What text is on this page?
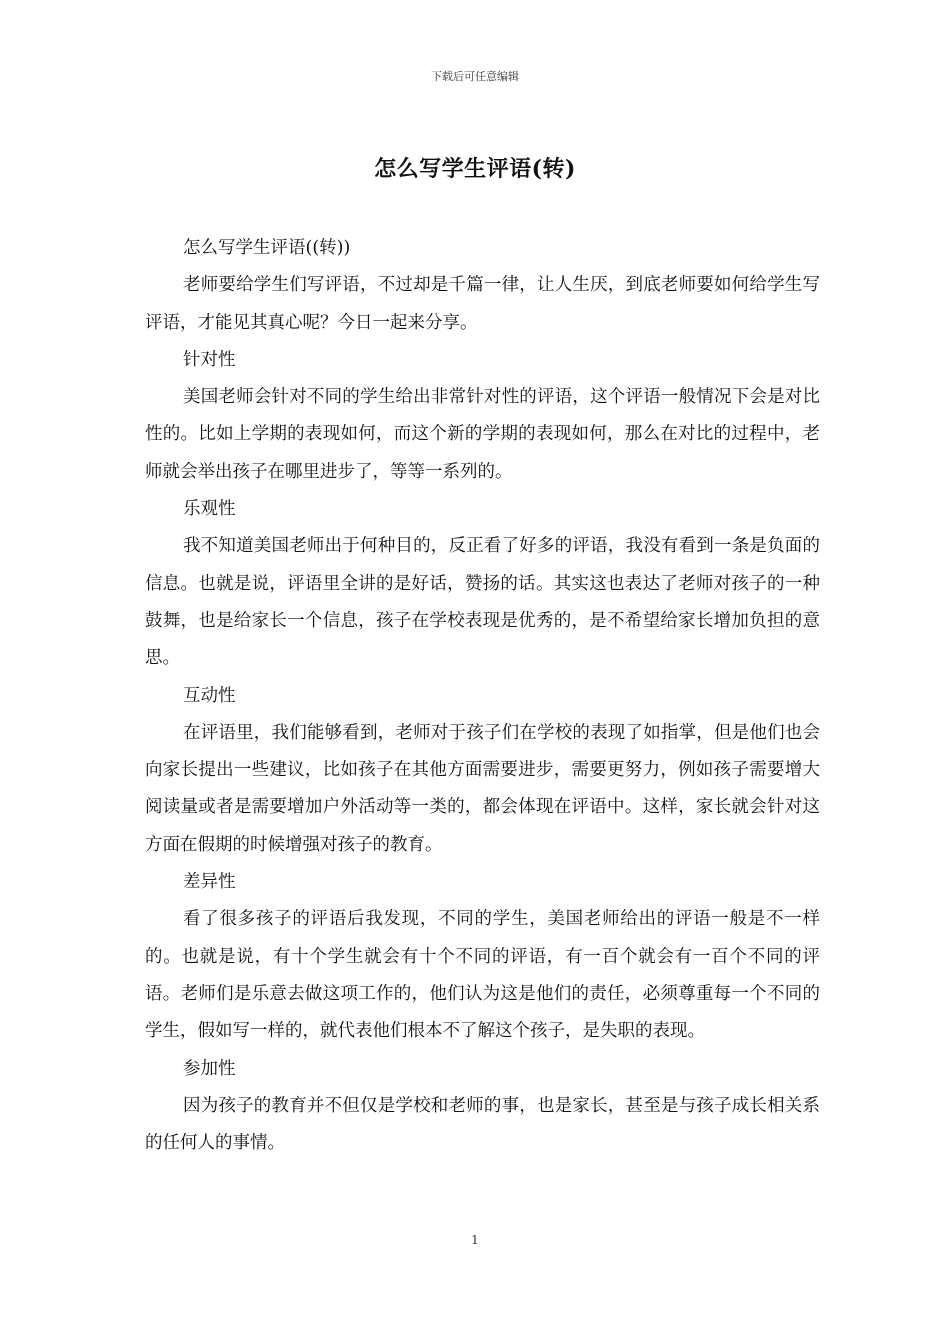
下载后可任意编辑
怎么写学生评语(转)

怎么写学生评语((转))

老师要给学生们写评语，不过却是千篇一律，让人生厌，到底老师要如何给学生写评语，才能见其真心呢？今日一起来分享。

针对性

美国老师会针对不同的学生给出非常针对性的评语，这个评语一般情况下会是对比性的。比如上学期的表现如何，而这个新的学期的表现如何，那么在对比的过程中，老师就会举出孩子在哪里进步了，等等一系列的。

乐观性

我不知道美国老师出于何种目的，反正看了好多的评语，我没有看到一条是负面的信息。也就是说，评语里全讲的是好话，赞扬的话。其实这也表达了老师对孩子的一种鼓舞，也是给家长一个信息，孩子在学校表现是优秀的，是不希望给家长增加负担的意思。

互动性

在评语里，我们能够看到，老师对于孩子们在学校的表现了如指掌，但是他们也会向家长提出一些建议，比如孩子在其他方面需要进步，需要更努力，例如孩子需要增大阅读量或者是需要增加户外活动等一类的，都会体现在评语中。这样，家长就会针对这方面在假期的时候增强对孩子的教育。

差异性

看了很多孩子的评语后我发现，不同的学生，美国老师给出的评语一般是不一样的。也就是说，有十个学生就会有十个不同的评语，有一百个就会有一百个不同的评语。老师们是乐意去做这项工作的，他们认为这是他们的责任，必须尊重每一个不同的学生，假如写一样的，就代表他们根本不了解这个孩子，是失职的表现。

参加性

因为孩子的教育并不但仅是学校和老师的事，也是家长，甚至是与孩子成长相关系的任何人的事情。

1
